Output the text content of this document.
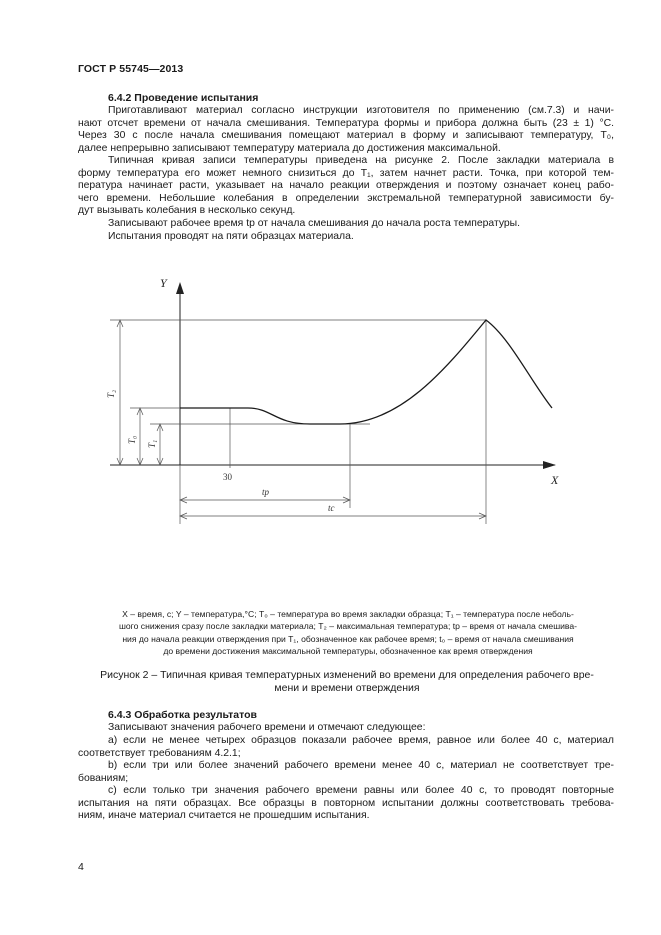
ГОСТ Р 55745—2013
6.4.2 Проведение испытания
Приготавливают материал согласно инструкции изготовителя по применению (см.7.3) и начи-
нают отсчет времени от начала смешивания. Температура формы и прибора должна быть (23 ± 1) °С.
Через 30 с после начала смешивания помещают материал в форму и записывают температуру, T₀,
далее непрерывно записывают температуру материала до достижения максимальной.
Типичная кривая записи температуры приведена на рисунке 2. После закладки материала в
форму температура его может немного снизиться до T₁, затем начнет расти. Точка, при которой тем-
пература начинает расти, указывает на начало реакции отверждения и поэтому означает конец рабо-
чего времени. Небольшие колебания в определении экстремальной температурной зависимости бу-
дут вызывать колебания в несколько секунд.
Записывают рабочее время tp от начала смешивания до начала роста температуры.
Испытания проводят на пяти образцах материала.
Y
X
T₂
T₀ T₁
30
tp
tc
X – время, с; Y – температура,°С; T₀ – температура во время закладки образца; T₁ – температура после неболь-
шого снижения сразу после закладки материала; T₂ – максимальная температура; tp – время от начала смешива-
ния до начала реакции отверждения при T₁, обозначенное как рабочее время; t₀ – время от начала смешивания
до времени достижения максимальной температуры, обозначенное как время отверждения
Рисунок 2 – Типичная кривая температурных изменений во времени для определения рабочего вре-
мени и времени отверждения
6.4.3 Обработка результатов
Записывают значения рабочего времени и отмечают следующее:
а) если не менее четырех образцов показали рабочее время, равное или более 40 с, материал
соответствует требованиям 4.2.1;
b) если три или более значений рабочего времени менее 40 с, материал не соответствует тре-
бованиям;
с) если только три значения рабочего времени равны или более 40 с, то проводят повторные
испытания на пяти образцах. Все образцы в повторном испытании должны соответствовать требова-
ниям, иначе материал считается не прошедшим испытания.
4
